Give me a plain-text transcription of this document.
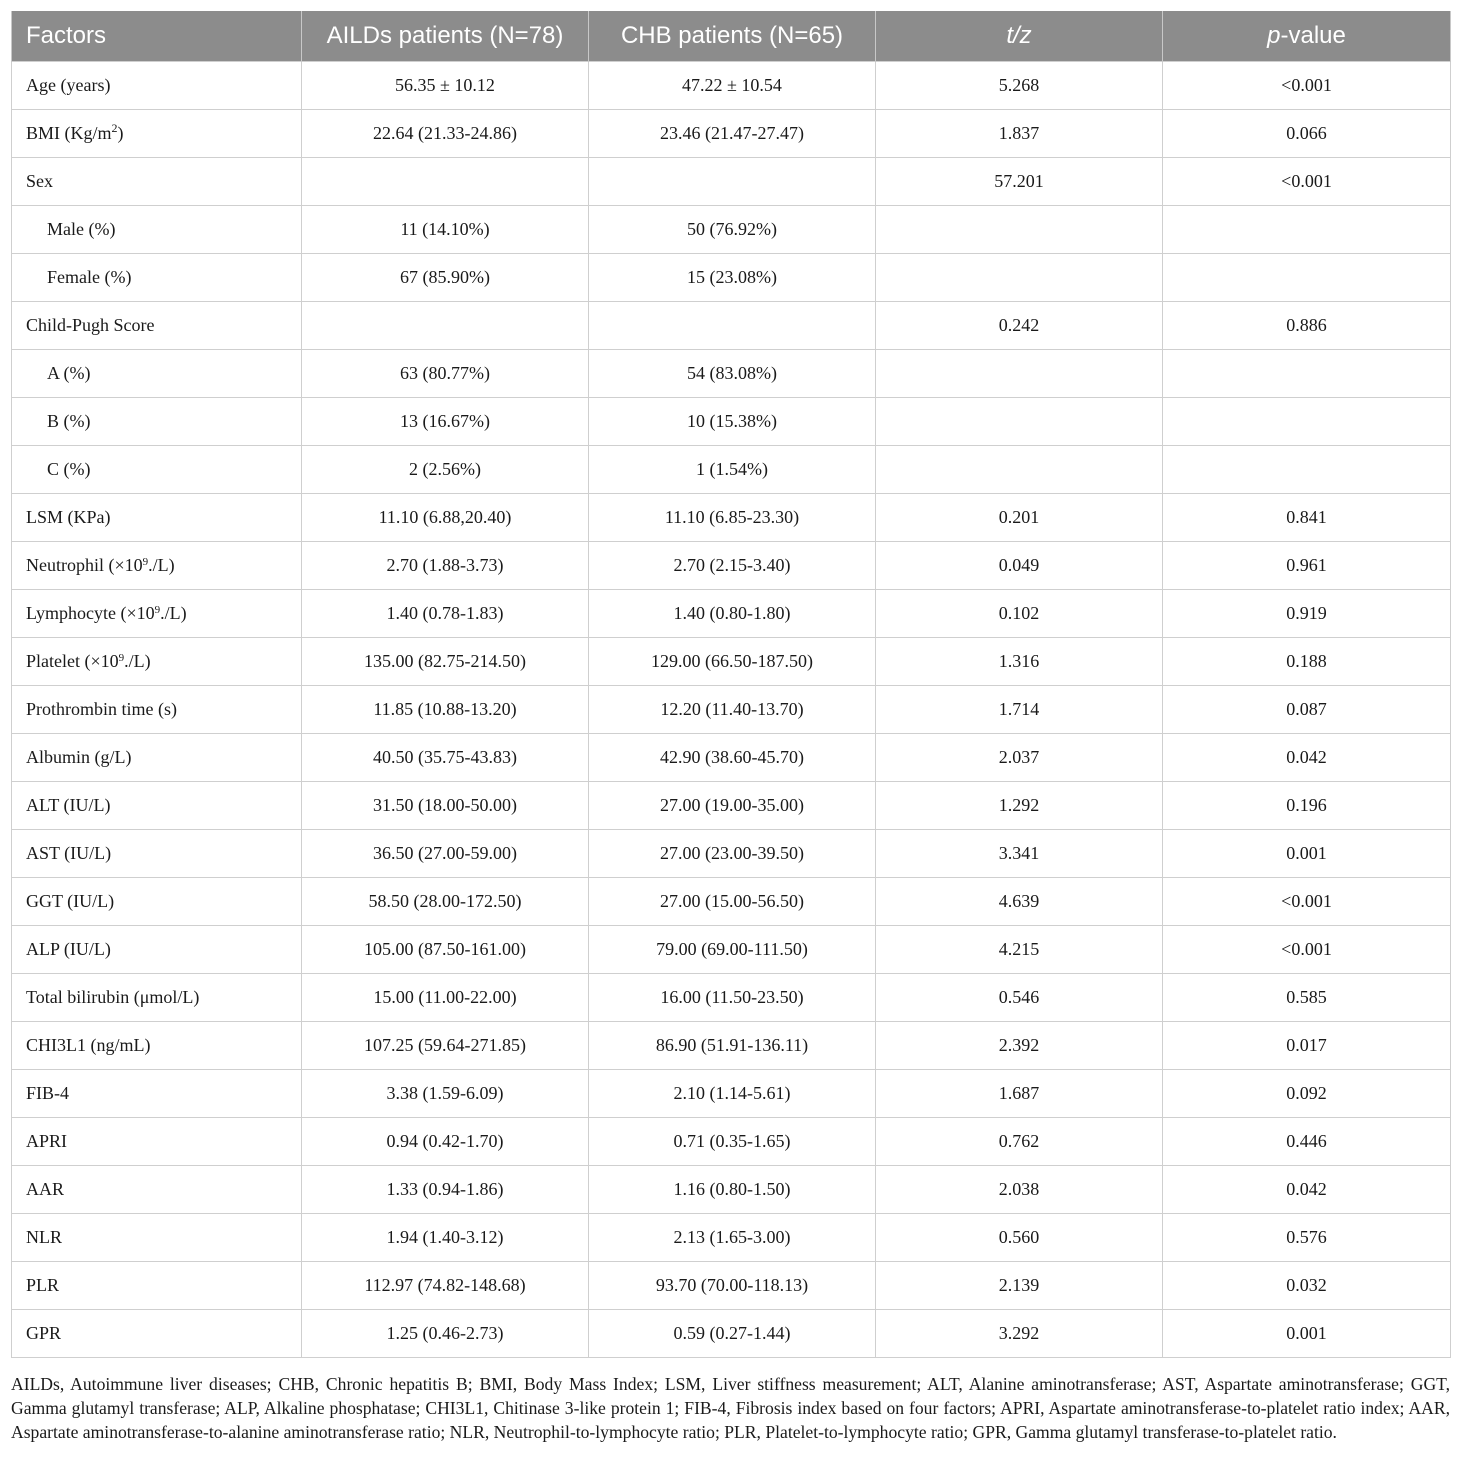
Factors	AILDs patients (N=78)	CHB patients (N=65)	t/z	p-value
Age (years)	56.35 ± 10.12	47.22 ± 10.54	5.268	<0.001
BMI $(Kg/m^2)$	22.64 (21.33-24.86)	23.46 (21.47-27.47)	1.837	0.066
Sex			57.201	<0.001
Male (%)	11 (14.10%)	50 (76.92%)		
Female (%)	67 (85.90%)	15 (23.08%)		
Child-Pugh Score			0.242	0.886
A (%)	63 (80.77%)	54 (83.08%)		
B (%)	13 (16.67%)	10 (15.38%)		
C (%)	2 (2.56%)	1 (1.54%)		
LSM (KPa)	11.10 (6.88,20.40)	11.10 (6.85-23.30)	0.201	0.841
Neutrophil $(\times 10^9./L)$	2.70 (1.88-3.73)	2.70 (2.15-3.40)	0.049	0.961
Lymphocyte $(\times 10^9./L)$	1.40 (0.78-1.83)	1.40 (0.80-1.80)	0.102	0.919
Platelet $(\times 10^9./L)$	135.00 (82.75-214.50)	129.00 (66.50-187.50)	1.316	0.188
Prothrombin time (s)	11.85 (10.88-13.20)	12.20 (11.40-13.70)	1.714	0.087
Albumin (g/L)	40.50 (35.75-43.83)	42.90 (38.60-45.70)	2.037	0.042
ALT (IU/L)	31.50 (18.00-50.00)	27.00 (19.00-35.00)	1.292	0.196
AST (IU/L)	36.50 (27.00-59.00)	27.00 (23.00-39.50)	3.341	0.001
GGT (IU/L)	58.50 (28.00-172.50)	27.00 (15.00-56.50)	4.639	<0.001
ALP (IU/L)	105.00 (87.50-161.00)	79.00 (69.00-111.50)	4.215	<0.001
Total bilirubin (μmol/L)	15.00 (11.00-22.00)	16.00 (11.50-23.50)	0.546	0.585
CHI3L1 (ng/mL)	107.25 (59.64-271.85)	86.90 (51.91-136.11)	2.392	0.017
FIB-4	3.38 (1.59-6.09)	2.10 (1.14-5.61)	1.687	0.092
APRI	0.94 (0.42-1.70)	0.71 (0.35-1.65)	0.762	0.446
AAR	1.33 (0.94-1.86)	1.16 (0.80-1.50)	2.038	0.042
NLR	1.94 (1.40-3.12)	2.13 (1.65-3.00)	0.560	0.576
PLR	112.97 (74.82-148.68)	93.70 (70.00-118.13)	2.139	0.032
GPR	1.25 (0.46-2.73)	0.59 (0.27-1.44)	3.292	0.001
AILDs, Autoimmune liver diseases; CHB, Chronic hepatitis B; BMI, Body Mass Index; LSM, Liver stiffness measurement; ALT, Alanine aminotransferase; AST, Aspartate aminotransferase; GGT, Gamma glutamyl transferase; ALP, Alkaline phosphatase; CHI3L1, Chitinase 3-like protein 1; FIB-4, Fibrosis index based on four factors; APRI, Aspartate aminotransferase-to-platelet ratio index; AAR, Aspartate aminotransferase-to-alanine aminotransferase ratio; NLR, Neutrophil-to-lymphocyte ratio; PLR, Platelet-to-lymphocyte ratio; GPR, Gamma glutamyl transferase-to-platelet ratio.
